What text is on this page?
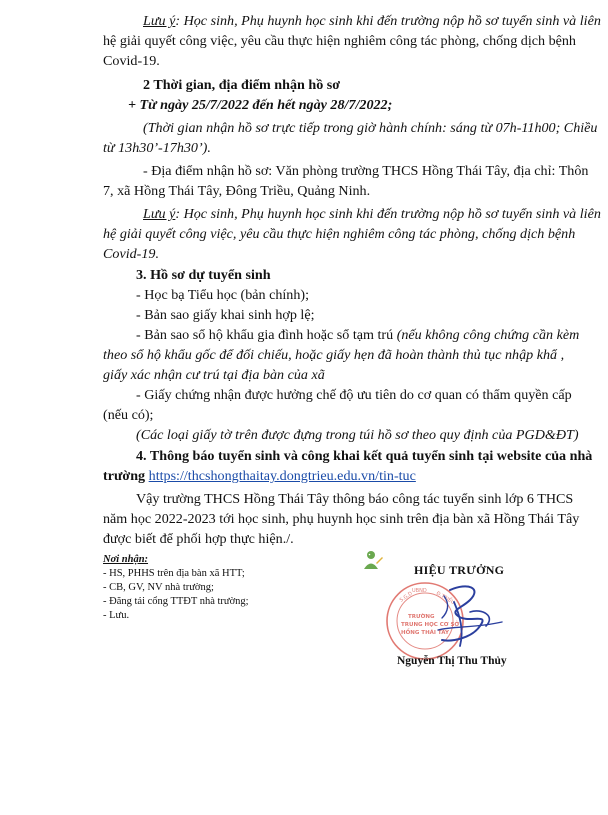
Lưu ý: Học sinh, Phụ huynh học sinh khi đến trường nộp hồ sơ tuyển sinh và liên
hệ giải quyết công việc, yêu cầu thực hiện nghiêm công tác phòng, chống dịch bệnh
Covid-19.
2 Thời gian, địa điểm nhận hồ sơ
+ Từ ngày 25/7/2022 đến hết ngày 28/7/2022;
(Thời gian nhận hồ sơ trực tiếp trong giờ hành chính: sáng từ 07h-11h00; Chiều
từ 13h30’-17h30’).
- Địa điểm nhận hồ sơ: Văn phòng trường THCS Hồng Thái Tây, địa chỉ: Thôn
7, xã Hồng Thái Tây, Đông Triều, Quảng Ninh.
Lưu ý: Học sinh, Phụ huynh học sinh khi đến trường nộp hồ sơ tuyển sinh và liên
hệ giải quyết công việc, yêu cầu thực hiện nghiêm công tác phòng, chống dịch bệnh
Covid-19.
3. Hồ sơ dự tuyển sinh
- Học bạ Tiểu học (bản chính);
- Bản sao giấy khai sinh hợp lệ;
- Bản sao sổ hộ khẩu gia đình hoặc sổ tạm trú (nếu không công chứng cần kèm
theo sổ hộ khẩu gốc để đối chiếu, hoặc giấy hẹn đã hoàn thành thủ tục nhập khẩ ,
giấy xác nhận cư trú tại địa bàn của xã
- Giấy chứng nhận được hưởng chế độ ưu tiên do cơ quan có thẩm quyền cấp
(nếu có);
(Các loại giấy tờ trên được đựng trong túi hồ sơ theo quy định của PGD&ĐT)
4. Thông báo tuyển sinh và công khai kết quả tuyển sinh tại website của nhà
trường https://thcshongthaitay.dongtrieu.edu.vn/tin-tuc
Vậy trường THCS Hồng Thái Tây thông báo công tác tuyển sinh lớp 6 THCS
năm học 2022-2023 tới học sinh, phụ huynh học sinh trên địa bàn xã Hồng Thái Tây
được biết để phối hợp thực hiện./.
Nơi nhận:
- HS, PHHS trên địa bàn xã HTT;
- CB, GV, NV nhà trường;
- Đăng tải cổng TTĐT nhà trường;
- Lưu.
HIỆU TRƯỞNG
S.G.D
UBND Đ.TRIỀU
TRƯỜNG
TRUNG HỌC CƠ SỞ
HỒNG THÁI TÂY
Nguyễn Thị Thu Thủy
